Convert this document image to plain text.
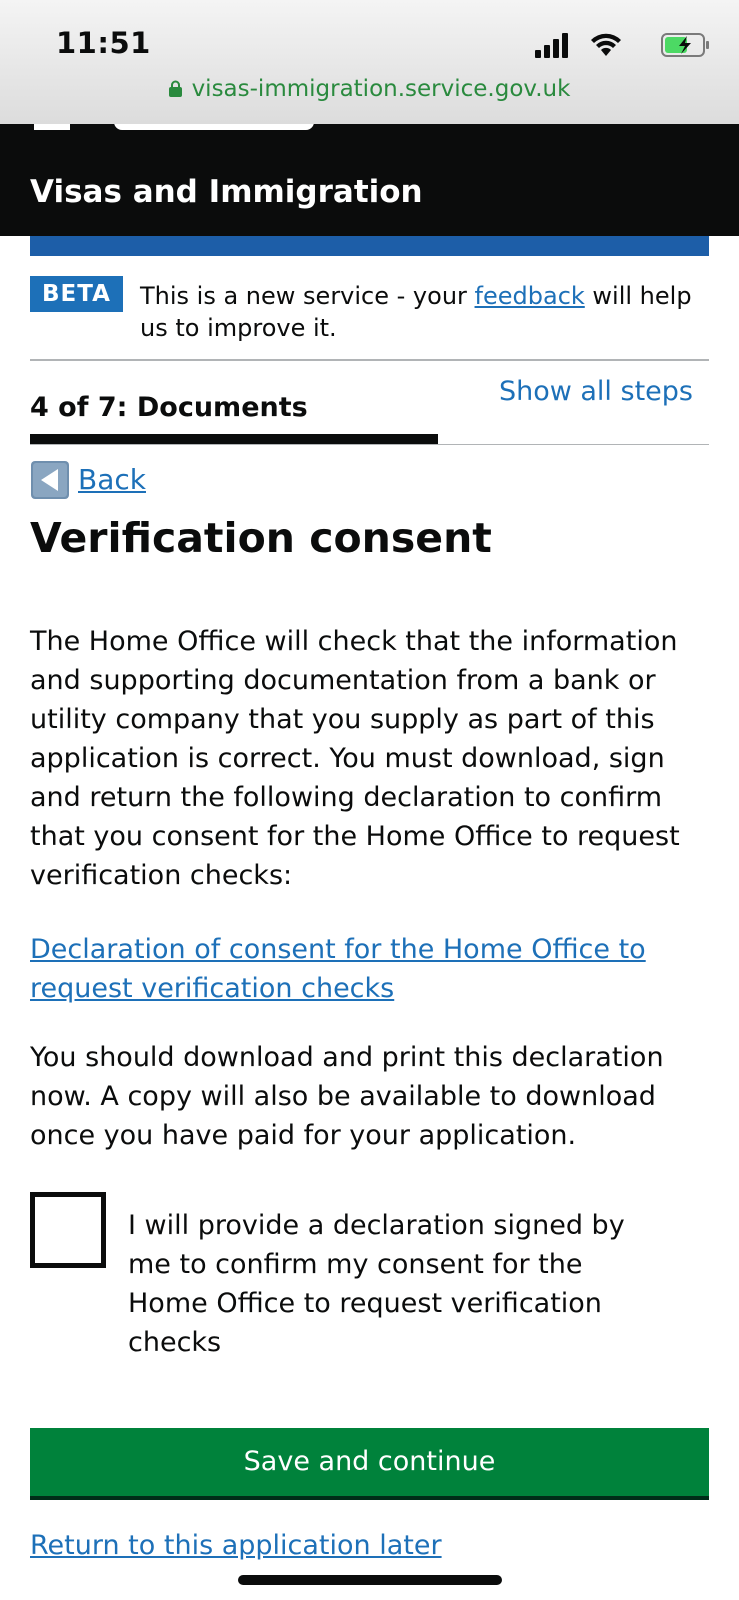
11:51
visas-immigration.service.gov.uk
Visas and Immigration
BETA	This is a new service - your feedback will help us to improve it.
4 of 7: Documents
Show all steps
Back
Verification consent

The Home Office will check that the information and supporting documentation from a bank or utility company that you supply as part of this application is correct. You must download, sign and return the following declaration to confirm that you consent for the Home Office to request verification checks:

Declaration of consent for the Home Office to request verification checks

You should download and print this declaration now. A copy will also be available to download once you have paid for your application.

I will provide a declaration signed by me to confirm my consent for the Home Office to request verification checks
Save and continue
Return to this application later
